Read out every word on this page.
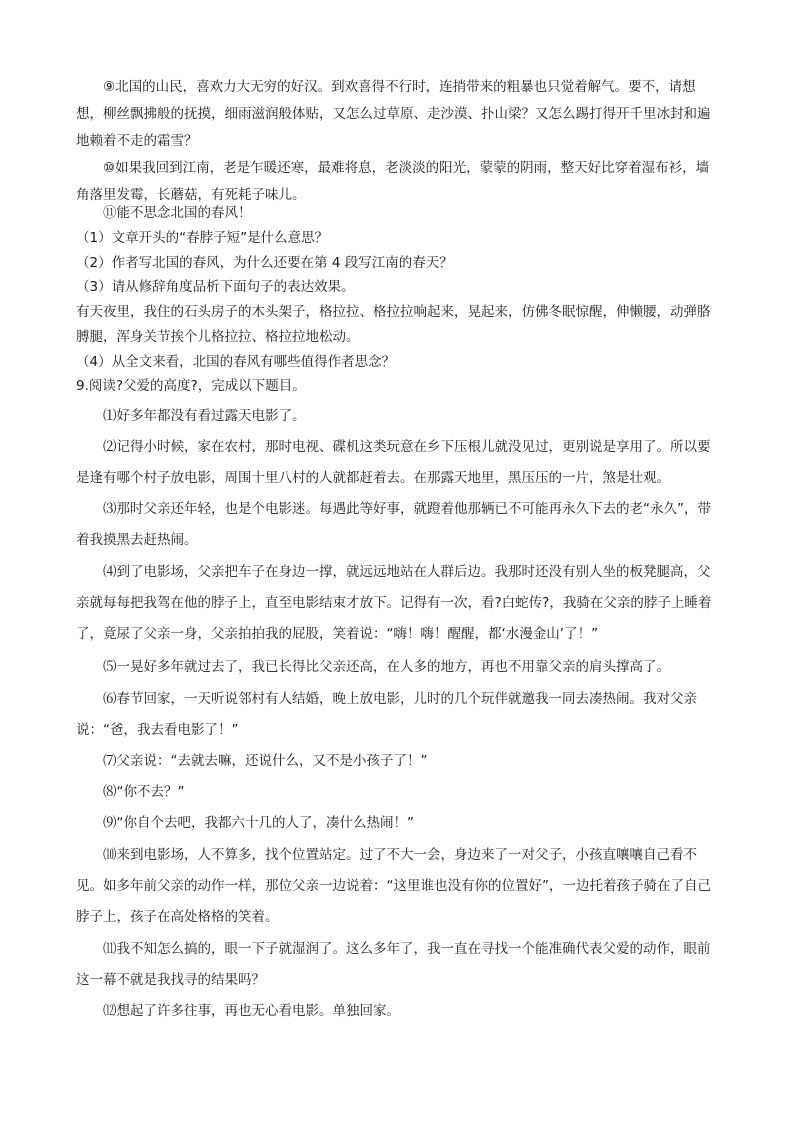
⑨北国的山民，喜欢力大无穷的好汉。到欢喜得不行时，连捎带来的粗暴也只觉着解气。要不，请想想，柳丝飘拂般的抚摸，细雨滋润般体贴，又怎么过草原、走沙漠、扑山梁？又怎么踢打得开千里冰封和遍地赖着不走的霜雪？

⑩如果我回到江南，老是乍暖还寒，最难将息，老淡淡的阳光，蒙蒙的阴雨，整天好比穿着湿布衫，墙角落里发霉，长蘑菇，有死耗子味儿。

⑪能不思念北国的春风！

（1）文章开头的“春脖子短”是什么意思？

（2）作者写北国的春风，为什么还要在第 4 段写江南的春天？

（3）请从修辞角度品析下面句子的表达效果。

有天夜里，我住的石头房子的木头架子，格拉拉、格拉拉响起来，晃起来，仿佛冬眠惊醒，伸懒腰，动弹胳膊腿，浑身关节挨个儿格拉拉、格拉拉地松动。

（4）从全文来看，北国的春风有哪些值得作者思念？

9.阅读?父爱的高度?，完成以下题目。

⑴好多年都没有看过露天电影了。

⑵记得小时候，家在农村，那时电视、碟机这类玩意在乡下压根儿就没见过，更别说是享用了。所以要是逢有哪个村子放电影，周围十里八村的人就都赶着去。在那露天地里，黑压压的一片，煞是壮观。

⑶那时父亲还年轻，也是个电影迷。每遇此等好事，就蹬着他那辆已不可能再永久下去的老“永久”，带着我摸黑去赶热闹。

⑷到了电影场，父亲把车子在身边一撑，就远远地站在人群后边。我那时还没有别人坐的板凳腿高，父亲就每每把我驾在他的脖子上，直至电影结束才放下。记得有一次，看?白蛇传?，我骑在父亲的脖子上睡着了，竟尿了父亲一身，父亲拍拍我的屁股，笑着说：“嗨！嗨！醒醒，都‘水漫金山’了！”

⑸一晃好多年就过去了，我已长得比父亲还高，在人多的地方，再也不用靠父亲的肩头撑高了。

⑹春节回家，一天听说邻村有人结婚，晚上放电影，儿时的几个玩伴就邀我一同去凑热闹。我对父亲说：“爸，我去看电影了！”

⑺父亲说：“去就去嘛，还说什么，又不是小孩子了！”

⑻“你不去？”

⑼“你自个去吧，我都六十几的人了，凑什么热闹！”

⑽来到电影场，人不算多，找个位置站定。过了不大一会，身边来了一对父子，小孩直嚷嚷自己看不见。如多年前父亲的动作一样，那位父亲一边说着：“这里谁也没有你的位置好”，一边托着孩子骑在了自己脖子上，孩子在高处格格的笑着。

⑾我不知怎么搞的，眼一下子就湿润了。这么多年了，我一直在寻找一个能准确代表父爱的动作，眼前这一幕不就是我找寻的结果吗？

⑿想起了许多往事，再也无心看电影。单独回家。
